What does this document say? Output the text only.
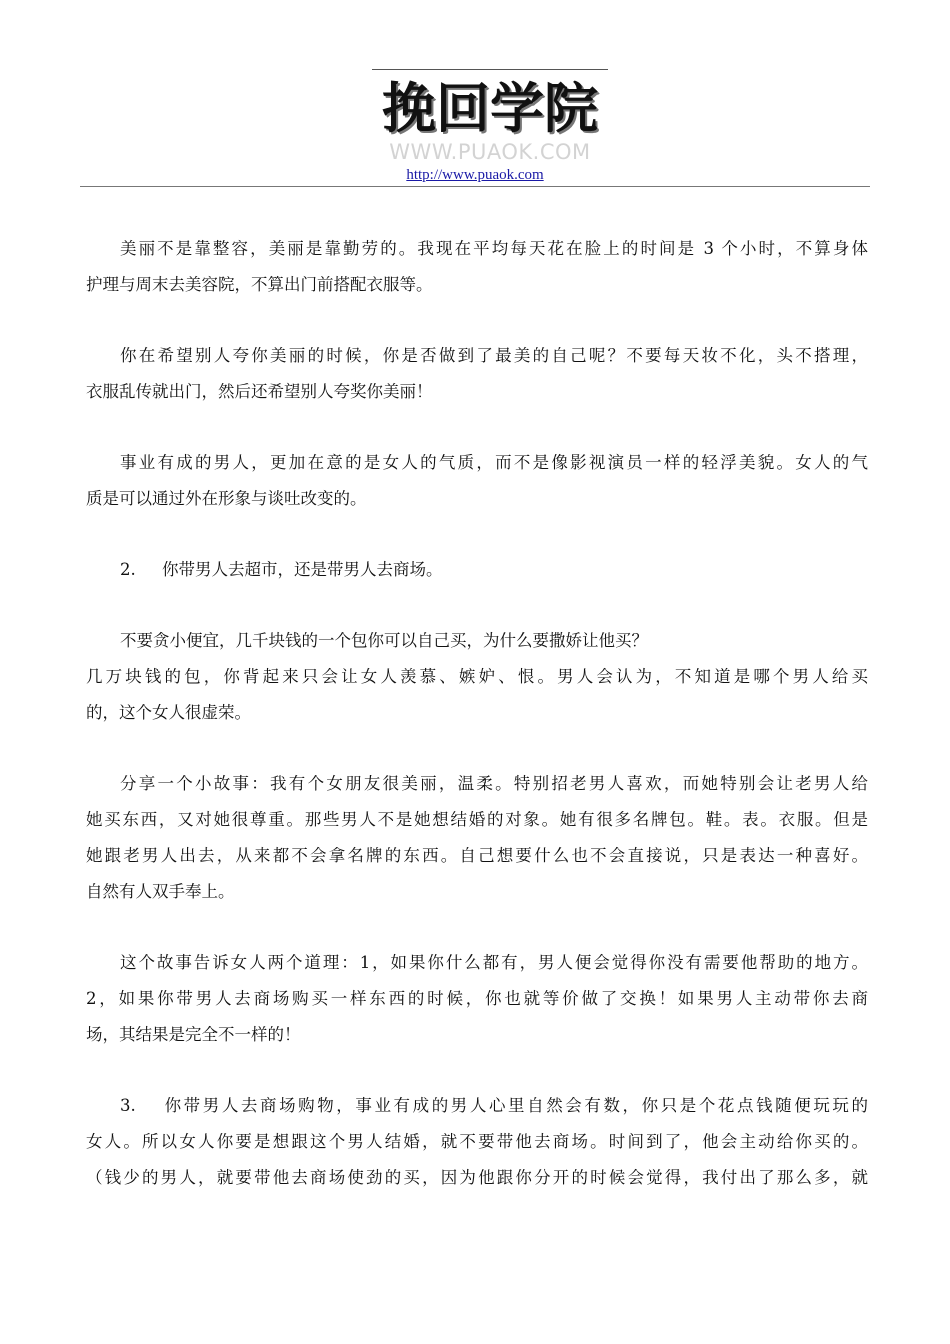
挽回学院
WWW.PUAOK.COM
http://www.puaok.com
美丽不是靠整容，美丽是靠勤劳的。我现在平均每天花在脸上的时间是 3 个小时，不算身体
护理与周末去美容院，不算出门前搭配衣服等。
你在希望别人夸你美丽的时候，你是否做到了最美的自己呢？不要每天妆不化，头不搭理，
衣服乱传就出门，然后还希望别人夸奖你美丽！
事业有成的男人，更加在意的是女人的气质，而不是像影视演员一样的轻浮美貌。女人的气
质是可以通过外在形象与谈吐改变的。
2. 你带男人去超市，还是带男人去商场。
不要贪小便宜，几千块钱的一个包你可以自己买，为什么要撒娇让他买？
几万块钱的包，你背起来只会让女人羡慕、嫉妒、恨。男人会认为，不知道是哪个男人给买
的，这个女人很虚荣。
分享一个小故事：我有个女朋友很美丽，温柔。特别招老男人喜欢，而她特别会让老男人给
她买东西，又对她很尊重。那些男人不是她想结婚的对象。她有很多名牌包。鞋。表。衣服。但是
她跟老男人出去，从来都不会拿名牌的东西。自己想要什么也不会直接说，只是表达一种喜好。
自然有人双手奉上。
这个故事告诉女人两个道理：1，如果你什么都有，男人便会觉得你没有需要他帮助的地方。
2，如果你带男人去商场购买一样东西的时候，你也就等价做了交换！如果男人主动带你去商
场，其结果是完全不一样的！
3. 你带男人去商场购物，事业有成的男人心里自然会有数，你只是个花点钱随便玩玩的
女人。所以女人你要是想跟这个男人结婚，就不要带他去商场。时间到了，他会主动给你买的。
（钱少的男人，就要带他去商场使劲的买，因为他跟你分开的时候会觉得，我付出了那么多，就
